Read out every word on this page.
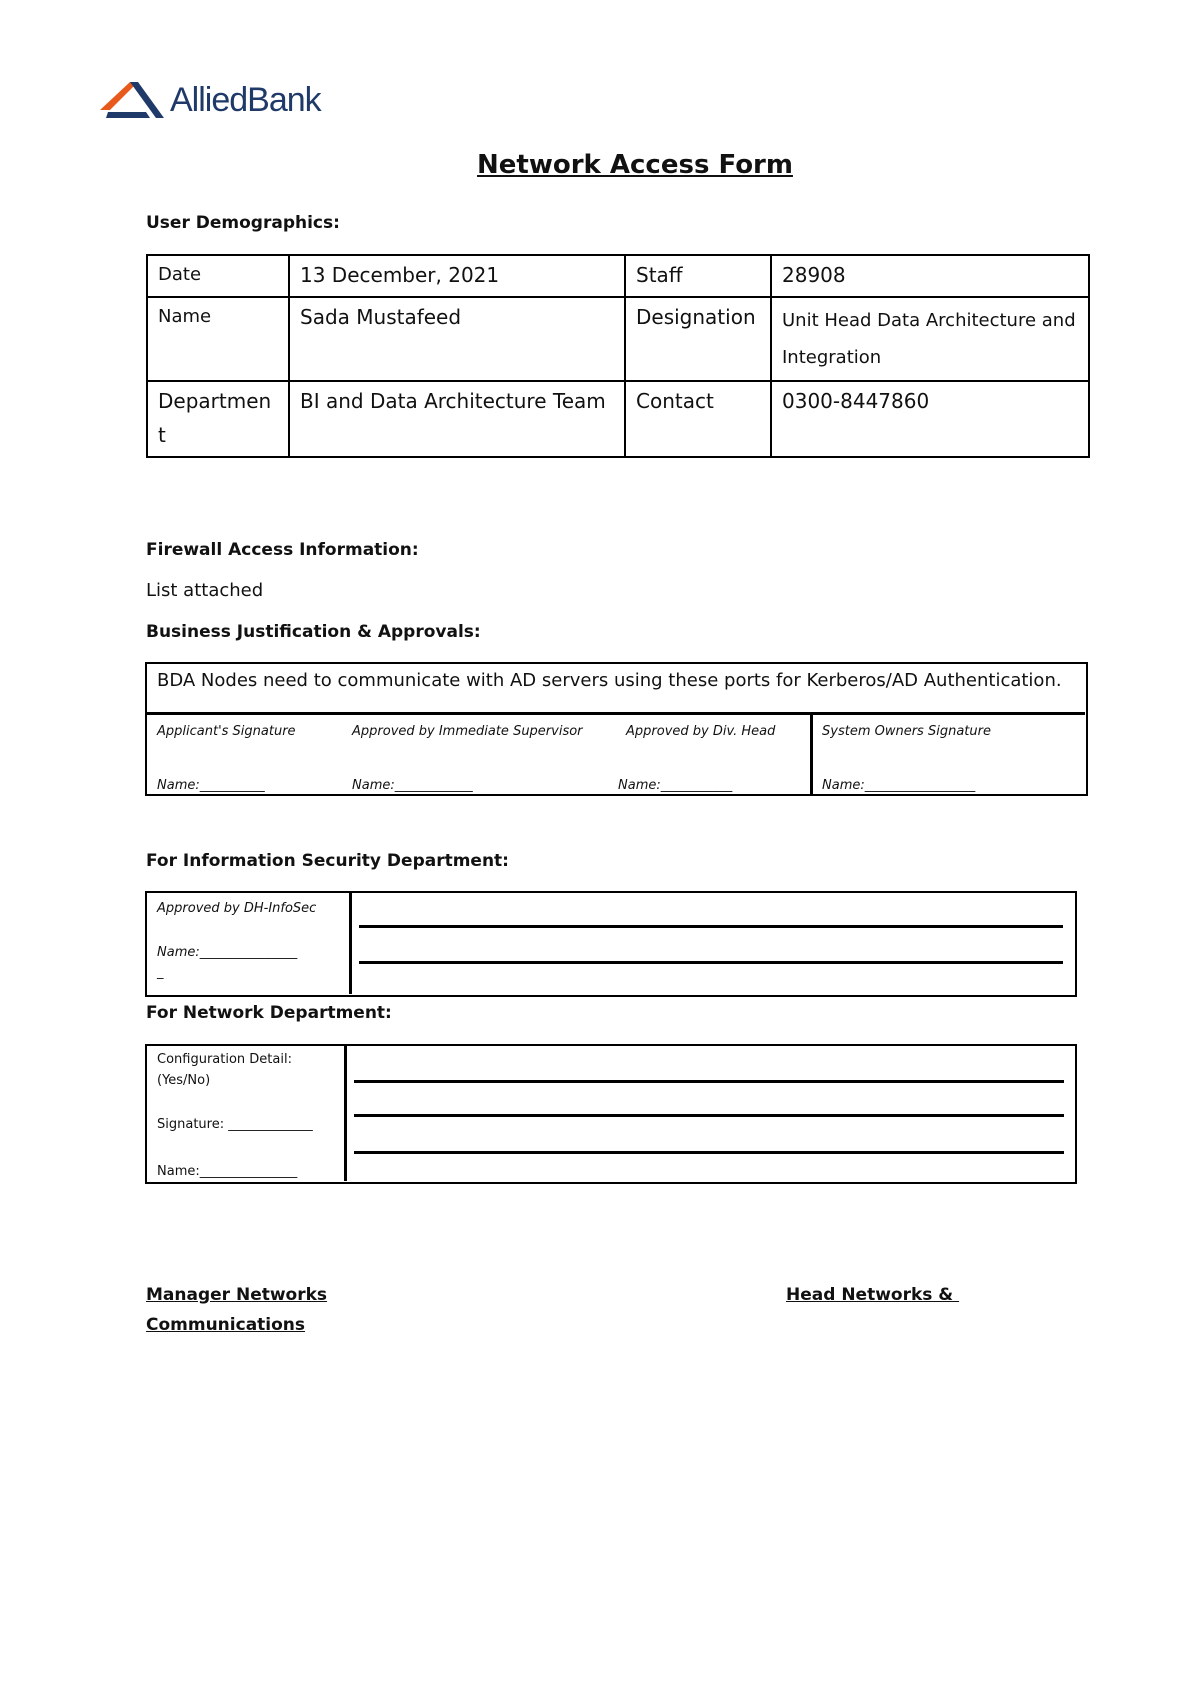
AlliedBank
Network Access Form
User Demographics:
Date	13 December, 2021	Staff	28908
Name	Sada Mustafeed	Designation	Unit Head Data Architecture and Integration
Department	BI and Data Architecture Team	Contact	0300-8447860
Firewall Access Information:
List attached
Business Justification & Approvals:
BDA Nodes need to communicate with AD servers using these ports for Kerberos/AD Authentication.
Applicant's Signature
Name:__________
Approved by Immediate Supervisor
Name:____________
Approved by Div. Head
Name:___________
System Owners Signature
Name:_________________
For Information Security Department:
Approved by DH-InfoSec
Name:_______________
_
For Network Department:
Configuration Detail:
(Yes/No)
Signature: _____________
Name:_______________
Manager Networks
Communications
Head Networks &
